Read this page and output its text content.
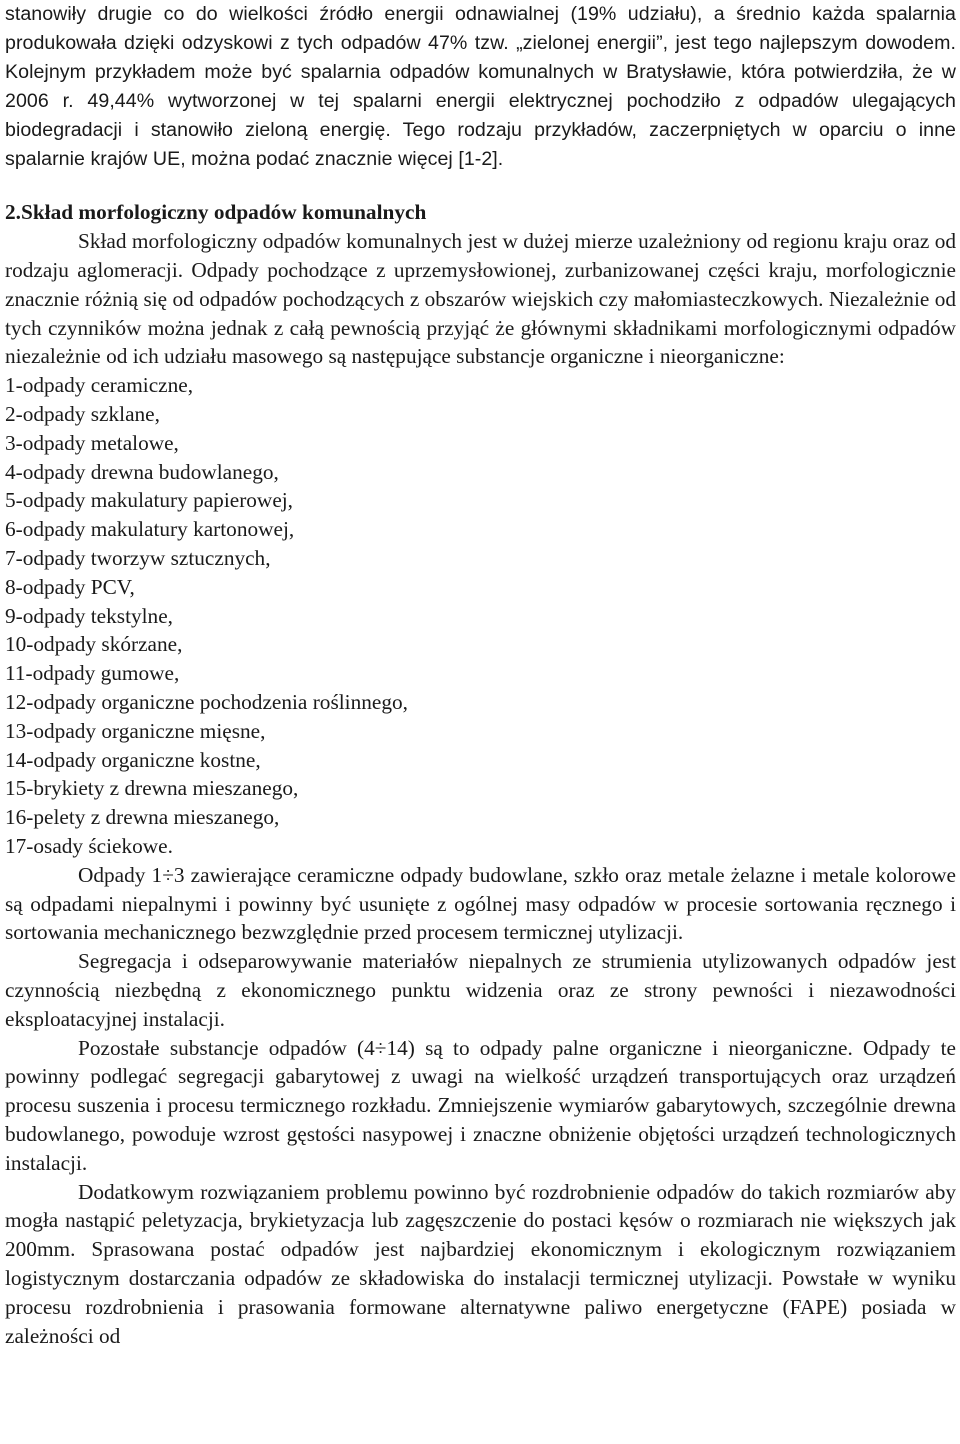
stanowiły drugie co do wielkości źródło energii odnawialnej (19% udziału), a średnio każda spalarnia produkowała dzięki odzyskowi z tych odpadów 47% tzw. „zielonej energii”, jest tego najlepszym dowodem. Kolejnym przykładem może być spalarnia odpadów komunalnych w Bratysławie, która potwierdziła, że w 2006 r. 49,44% wytworzonej w tej spalarni energii elektrycznej pochodziło z odpadów ulegających biodegradacji i stanowiło zieloną energię. Tego rodzaju przykładów, zaczerpniętych w oparciu o inne spalarnie krajów UE, można podać znacznie więcej [1-2].

2.Skład morfologiczny odpadów komunalnych

Skład morfologiczny odpadów komunalnych jest w dużej mierze uzależniony od regionu kraju oraz od rodzaju aglomeracji. Odpady pochodzące z uprzemysłowionej, zurbanizowanej części kraju, morfologicznie znacznie różnią się od odpadów pochodzących z obszarów wiejskich czy małomiasteczkowych. Niezależnie od tych czynników można jednak z całą pewnością przyjąć że głównymi składnikami morfologicznymi odpadów niezależnie od ich udziału masowego są następujące substancje organiczne i nieorganiczne:

1-odpady ceramiczne,
2-odpady szklane,
3-odpady metalowe,
4-odpady drewna budowlanego,
5-odpady makulatury papierowej,
6-odpady makulatury kartonowej,
7-odpady tworzyw sztucznych,
8-odpady PCV,
9-odpady tekstylne,
10-odpady skórzane,
11-odpady gumowe,
12-odpady organiczne pochodzenia roślinnego,
13-odpady organiczne mięsne,
14-odpady organiczne kostne,
15-brykiety z drewna mieszanego,
16-pelety z drewna mieszanego,
17-osady ściekowe.

Odpady 1÷3 zawierające ceramiczne odpady budowlane, szkło oraz metale żelazne i metale kolorowe są odpadami niepalnymi i powinny być usunięte z ogólnej masy odpadów w procesie sortowania ręcznego i sortowania mechanicznego bezwzględnie przed procesem termicznej utylizacji.

Segregacja i odseparowywanie materiałów niepalnych ze strumienia utylizowanych odpadów jest czynnością niezbędną z ekonomicznego punktu widzenia oraz ze strony pewności i niezawodności eksploatacyjnej instalacji.

Pozostałe substancje odpadów (4÷14) są to odpady palne organiczne i nieorganiczne. Odpady te powinny podlegać segregacji gabarytowej z uwagi na wielkość urządzeń transportujących oraz urządzeń procesu suszenia i procesu termicznego rozkładu. Zmniejszenie wymiarów gabarytowych, szczególnie drewna budowlanego, powoduje wzrost gęstości nasypowej i znaczne obniżenie objętości urządzeń technologicznych instalacji.

Dodatkowym rozwiązaniem problemu powinno być rozdrobnienie odpadów do takich rozmiarów aby mogła nastąpić peletyzacja, brykietyzacja lub zagęszczenie do postaci kęsów o rozmiarach nie większych jak 200mm. Sprasowana postać odpadów jest najbardziej ekonomicznym i ekologicznym rozwiązaniem logistycznym dostarczania odpadów ze składowiska do instalacji termicznej utylizacji. Powstałe w wyniku procesu rozdrobnienia i prasowania formowane alternatywne paliwo energetyczne (FAPE) posiada w zależności od
